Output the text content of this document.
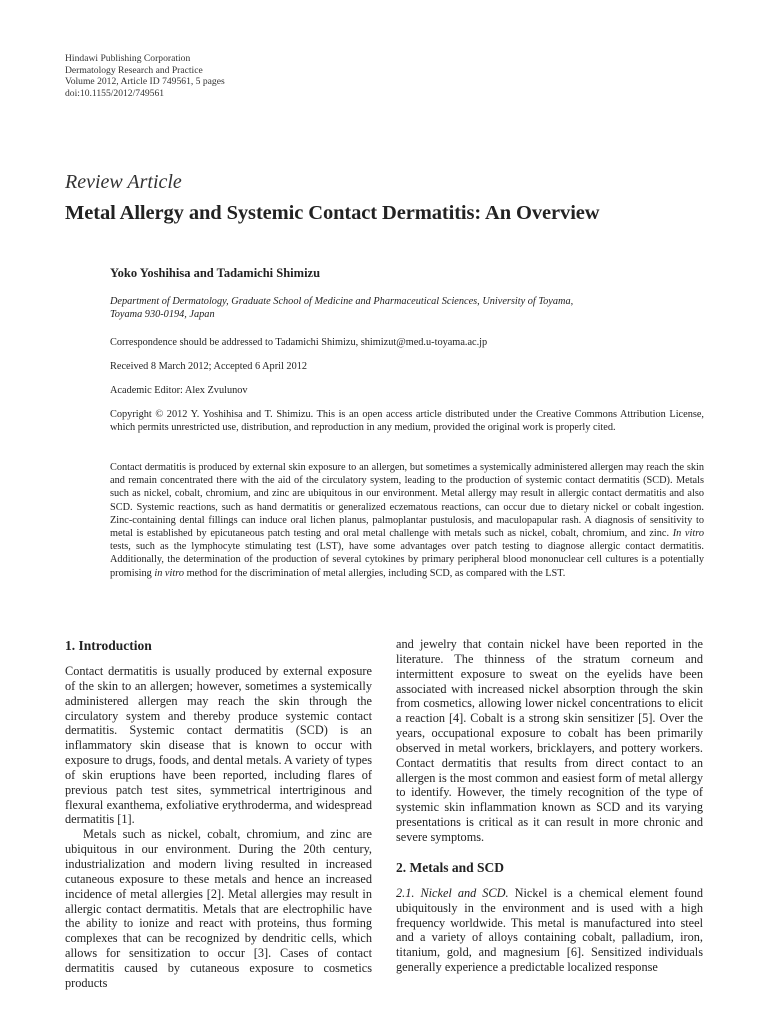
Hindawi Publishing Corporation
Dermatology Research and Practice
Volume 2012, Article ID 749561, 5 pages
doi:10.1155/2012/749561
Review Article
Metal Allergy and Systemic Contact Dermatitis: An Overview
Yoko Yoshihisa and Tadamichi Shimizu
Department of Dermatology, Graduate School of Medicine and Pharmaceutical Sciences, University of Toyama,
Toyama 930-0194, Japan
Correspondence should be addressed to Tadamichi Shimizu, shimizut@med.u-toyama.ac.jp
Received 8 March 2012; Accepted 6 April 2012
Academic Editor: Alex Zvulunov
Copyright © 2012 Y. Yoshihisa and T. Shimizu. This is an open access article distributed under the Creative Commons Attribution License, which permits unrestricted use, distribution, and reproduction in any medium, provided the original work is properly cited.
Contact dermatitis is produced by external skin exposure to an allergen, but sometimes a systemically administered allergen may reach the skin and remain concentrated there with the aid of the circulatory system, leading to the production of systemic contact dermatitis (SCD). Metals such as nickel, cobalt, chromium, and zinc are ubiquitous in our environment. Metal allergy may result in allergic contact dermatitis and also SCD. Systemic reactions, such as hand dermatitis or generalized eczematous reactions, can occur due to dietary nickel or cobalt ingestion. Zinc-containing dental fillings can induce oral lichen planus, palmoplantar pustulosis, and maculopapular rash. A diagnosis of sensitivity to metal is established by epicutaneous patch testing and oral metal challenge with metals such as nickel, cobalt, chromium, and zinc. In vitro tests, such as the lymphocyte stimulating test (LST), have some advantages over patch testing to diagnose allergic contact dermatitis. Additionally, the determination of the production of several cytokines by primary peripheral blood mononuclear cell cultures is a potentially promising in vitro method for the discrimination of metal allergies, including SCD, as compared with the LST.
1. Introduction

Contact dermatitis is usually produced by external exposure of the skin to an allergen; however, sometimes a systemically administered allergen may reach the skin through the circulatory system and thereby produce systemic contact dermatitis. Systemic contact dermatitis (SCD) is an inflammatory skin disease that is known to occur with exposure to drugs, foods, and dental metals. A variety of types of skin eruptions have been reported, including flares of previous patch test sites, symmetrical intertriginous and flexural exanthema, exfoliative erythroderma, and widespread dermatitis [1].

Metals such as nickel, cobalt, chromium, and zinc are ubiquitous in our environment. During the 20th century, industrialization and modern living resulted in increased cutaneous exposure to these metals and hence an increased incidence of metal allergies [2]. Metal allergies may result in allergic contact dermatitis. Metals that are electrophilic have the ability to ionize and react with proteins, thus forming complexes that can be recognized by dendritic cells, which allows for sensitization to occur [3]. Cases of contact dermatitis caused by cutaneous exposure to cosmetics products

and jewelry that contain nickel have been reported in the literature. The thinness of the stratum corneum and intermittent exposure to sweat on the eyelids have been associated with increased nickel absorption through the skin from cosmetics, allowing lower nickel concentrations to elicit a reaction [4]. Cobalt is a strong skin sensitizer [5]. Over the years, occupational exposure to cobalt has been primarily observed in metal workers, bricklayers, and pottery workers. Contact dermatitis that results from direct contact to an allergen is the most common and easiest form of metal allergy to identify. However, the timely recognition of the type of systemic skin inflammation known as SCD and its varying presentations is critical as it can result in more chronic and severe symptoms.

2. Metals and SCD

2.1. Nickel and SCD. Nickel is a chemical element found ubiquitously in the environment and is used with a high frequency worldwide. This metal is manufactured into steel and a variety of alloys containing cobalt, palladium, iron, titanium, gold, and magnesium [6]. Sensitized individuals generally experience a predictable localized response
